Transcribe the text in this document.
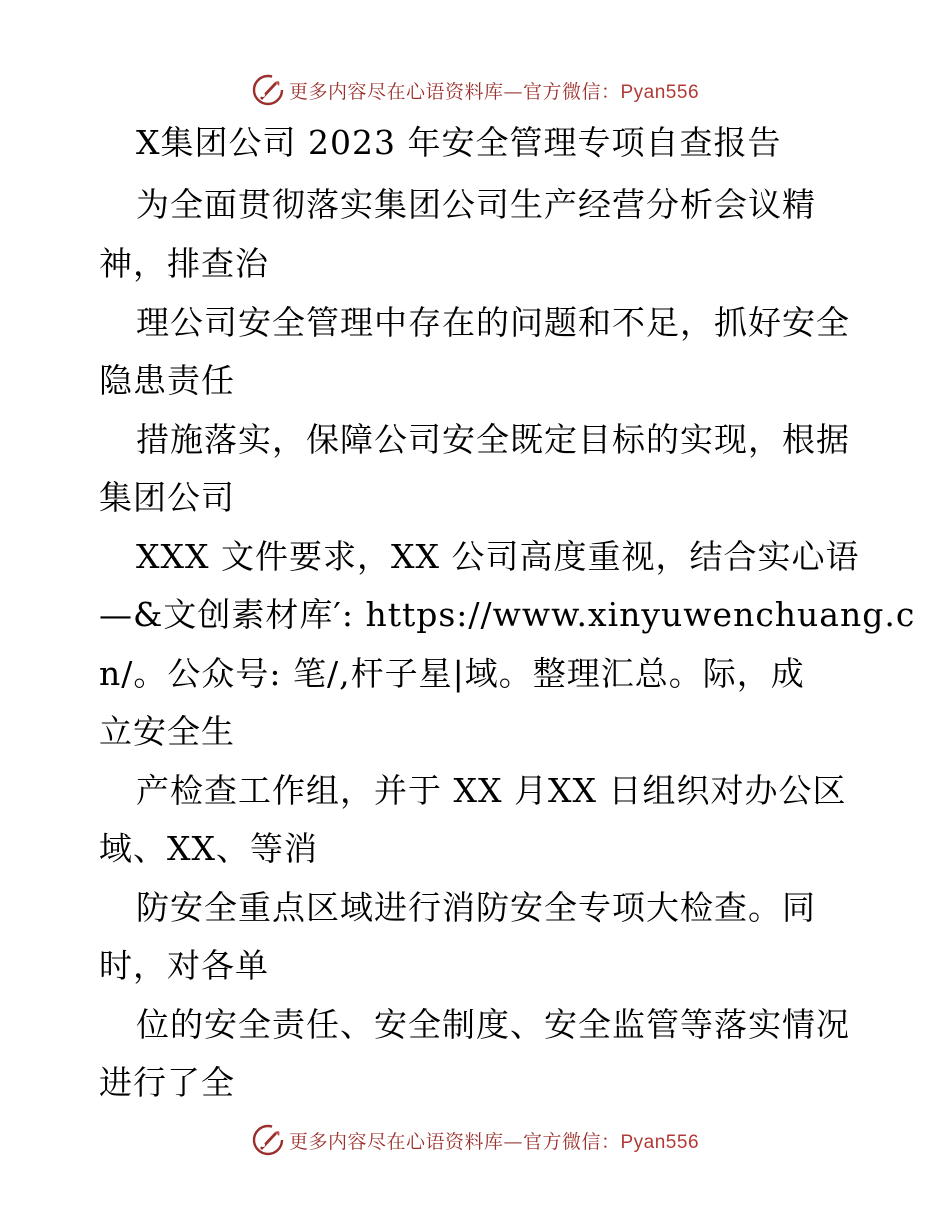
更多内容尽在心语资料库—官方微信：Pyan556
X集团公司 2023 年安全管理专项自查报告
为全面贯彻落实集团公司生产经营分析会议精
神，排查治
理公司安全管理中存在的问题和不足，抓好安全
隐患责任
措施落实，保障公司安全既定目标的实现，根据
集团公司
XXX 文件要求，XX 公司高度重视，结合实心语
—&文创素材库′: https://www.xinyuwenchuang.c
n/。公众号: 笔/,杆子星|域。整理汇总。际，成
立安全生
产检查工作组，并于 XX 月XX 日组织对办公区
域、XX、等消
防安全重点区域进行消防安全专项大检查。同
时，对各单
位的安全责任、安全制度、安全监管等落实情况
进行了全
更多内容尽在心语资料库—官方微信：Pyan556
